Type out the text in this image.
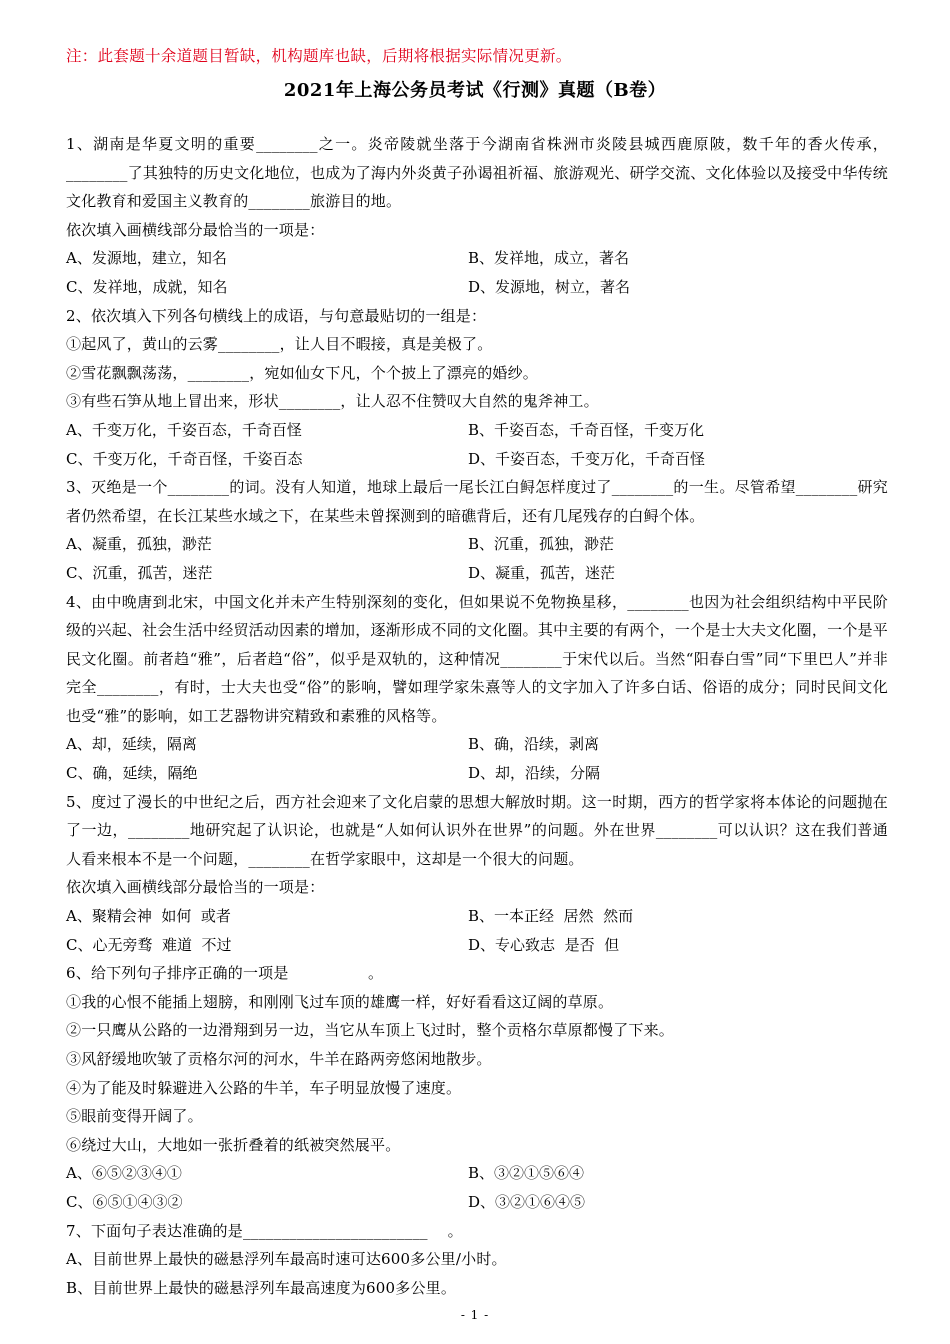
注：此套题十余道题目暂缺，机构题库也缺，后期将根据实际情况更新。
2021年上海公务员考试《行测》真题（B卷）

1、湖南是华夏文明的重要________之一。炎帝陵就坐落于今湖南省株洲市炎陵县城西鹿原陂，数千年的香火传承，________了其独特的历史文化地位，也成为了海内外炎黄子孙谒祖祈福、旅游观光、研学交流、文化体验以及接受中华传统文化教育和爱国主义教育的________旅游目的地。

依次填入画横线部分最恰当的一项是：

A、发源地，建立，知名	B、发祥地，成立，著名
C、发祥地，成就，知名	D、发源地，树立，著名

2、依次填入下列各句横线上的成语，与句意最贴切的一组是：

①起风了，黄山的云雾________，让人目不暇接，真是美极了。

②雪花飘飘荡荡，________，宛如仙女下凡，个个披上了漂亮的婚纱。

③有些石笋从地上冒出来，形状________，让人忍不住赞叹大自然的鬼斧神工。

A、千变万化，千姿百态，千奇百怪	B、千姿百态，千奇百怪，千变万化
C、千变万化，千奇百怪，千姿百态	D、千姿百态，千变万化，千奇百怪

3、灭绝是一个________的词。没有人知道，地球上最后一尾长江白鲟怎样度过了________的一生。尽管希望________研究者仍然希望，在长江某些水域之下，在某些未曾探测到的暗礁背后，还有几尾残存的白鲟个体。

A、凝重，孤独，渺茫	B、沉重，孤独，渺茫
C、沉重，孤苦，迷茫	D、凝重，孤苦，迷茫

4、由中晚唐到北宋，中国文化并未产生特别深刻的变化，但如果说不免物换星移，________也因为社会组织结构中平民阶级的兴起、社会生活中经贸活动因素的增加，逐渐形成不同的文化圈。其中主要的有两个，一个是士大夫文化圈，一个是平民文化圈。前者趋“雅”，后者趋“俗”，似乎是双轨的，这种情况________于宋代以后。当然“阳春白雪”同“下里巴人”并非完全________，有时，士大夫也受“俗”的影响，譬如理学家朱熹等人的文字加入了许多白话、俗语的成分；同时民间文化也受“雅”的影响，如工艺器物讲究精致和素雅的风格等。

A、却，延续，隔离	B、确，沿续，剥离
C、确，延续，隔绝	D、却，沿续，分隔

5、度过了漫长的中世纪之后，西方社会迎来了文化启蒙的思想大解放时期。这一时期，西方的哲学家将本体论的问题抛在了一边，________地研究起了认识论，也就是“人如何认识外在世界”的问题。外在世界________可以认识？这在我们普通人看来根本不是一个问题，________在哲学家眼中，这却是一个很大的问题。

依次填入画横线部分最恰当的一项是：

A、聚精会神  如何  或者	B、一本正经  居然  然而
C、心无旁骛  难道  不过	D、专心致志  是否  但

6、给下列句子排序正确的一项是                。

①我的心恨不能插上翅膀，和刚刚飞过车顶的雄鹰一样，好好看看这辽阔的草原。

②一只鹰从公路的一边滑翔到另一边，当它从车顶上飞过时，整个贡格尔草原都慢了下来。

③风舒缓地吹皱了贡格尔河的河水，牛羊在路两旁悠闲地散步。

④为了能及时躲避进入公路的牛羊，车子明显放慢了速度。

⑤眼前变得开阔了。

⑥绕过大山，大地如一张折叠着的纸被突然展平。

A、⑥⑤②③④①	B、③②①⑤⑥④
C、⑥⑤①④③②	D、③②①⑥④⑤

7、下面句子表达准确的是________________________    。

A、目前世界上最快的磁悬浮列车最高时速可达600多公里/小时。

B、目前世界上最快的磁悬浮列车最高速度为600多公里。

- 1 -
